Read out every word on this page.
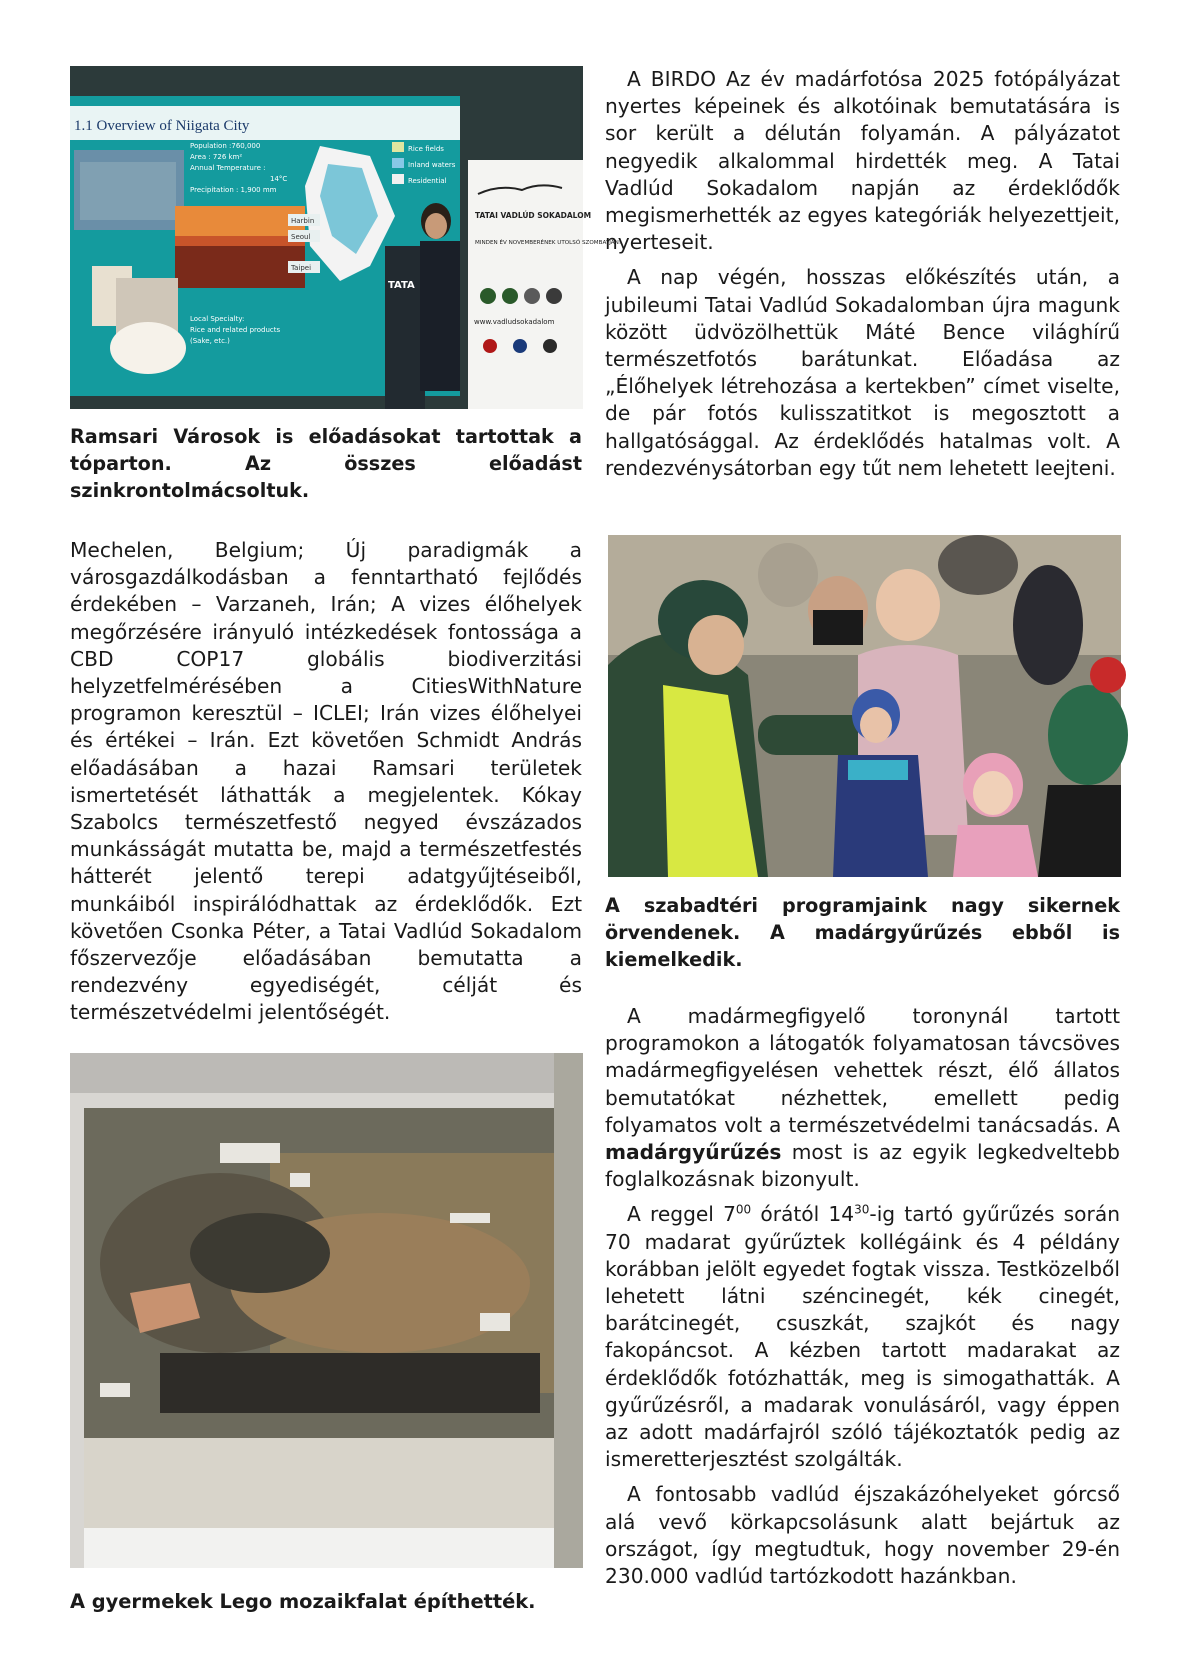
1.1 Overview of Niigata City
Rice fields
Inland waters
Residential
Population :760,000
Area : 726 km²
Annual Temperature :
14°C
Precipitation : 1,900 mm
Local Specialty:
Rice and related products
(Sake, etc.)
Harbin
Seoul
Taipei
TATA
TATAI VADLÚD SOKADALOM
MINDEN ÉV NOVEMBERÉNEK UTOLSÓ SZOMBATJÁN!
www.vadludsokadalom
Ramsari Városok is előadásokat tartottak a tóparton. Az összes előadást szinkrontolmácsoltuk.

Mechelen, Belgium; Új paradigmák a városgazdálkodásban a fenntartható fejlődés érdekében – Varzaneh, Irán; A vizes élőhelyek megőrzésére irányuló intézkedések fontossága a CBD COP17 globális biodiverzitási helyzetfelmérésében a CitiesWithNature programon keresztül – ICLEI; Irán vizes élőhelyei és értékei – Irán. Ezt követően Schmidt András előadásában a hazai Ramsari területek ismertetését láthatták a megjelentek. Kókay Szabolcs természetfestő negyed évszázados munkásságát mutatta be, majd a természetfestés hátterét jelentő terepi adatgyűjtéseiből, munkáiból inspirálódhattak az érdeklődők. Ezt követően Csonka Péter, a Tatai Vadlúd Sokadalom főszervezője előadásában bemutatta a rendezvény egyediségét, célját és természetvédelmi jelentőségét.

A gyermekek Lego mozaikfalat építhették.

A BIRDO Az év madárfotósa 2025 fotópályázat nyertes képeinek és alkotóinak bemutatására is sor került a délután folyamán. A pályázatot negyedik alkalommal hirdették meg. A Tatai Vadlúd Sokadalom napján az érdeklődők megismerhették az egyes kategóriák helyezettjeit, nyerteseit.

A nap végén, hosszas előkészítés után, a jubileumi Tatai Vadlúd Sokadalomban újra magunk között üdvözölhettük Máté Bence világhírű természetfotós barátunkat. Előadása az „Élőhelyek létrehozása a kertekben” címet viselte, de pár fotós kulisszatitkot is megosztott a hallgatósággal. Az érdeklődés hatalmas volt. A rendezvénysátorban egy tűt nem lehetett leejteni.

A szabadtéri programjaink nagy sikernek örvendenek. A madárgyűrűzés ebből is kiemelkedik.

A madármegfigyelő toronynál tartott programokon a látogatók folyamatosan távcsöves madármegfigyelésen vehettek részt, élő állatos bemutatókat nézhettek, emellett pedig folyamatos volt a természetvédelmi tanácsadás. A madárgyűrűzés most is az egyik legkedveltebb foglalkozásnak bizonyult.

A reggel $7^{00}$ órától $14^{30}-ig$ tartó gyűrűzés során 70 madarat gyűrűztek kollégáink és 4 példány korábban jelölt egyedet fogtak vissza. Testközelből lehetett látni széncinegét, kék cinegét, barátcinegét, csuszkát, szajkót és nagy fakopáncsot. A kézben tartott madarakat az érdeklődők fotózhatták, meg is simogathatták. A gyűrűzésről, a madarak vonulásáról, vagy éppen az adott madárfajról szóló tájékoztatók pedig az ismeretterjesztést szolgálták.

A fontosabb vadlúd éjszakázóhelyeket górcső alá vevő körkapcsolásunk alatt bejártuk az országot, így megtudtuk, hogy november 29-én 230.000 vadlúd tartózkodott hazánkban.
